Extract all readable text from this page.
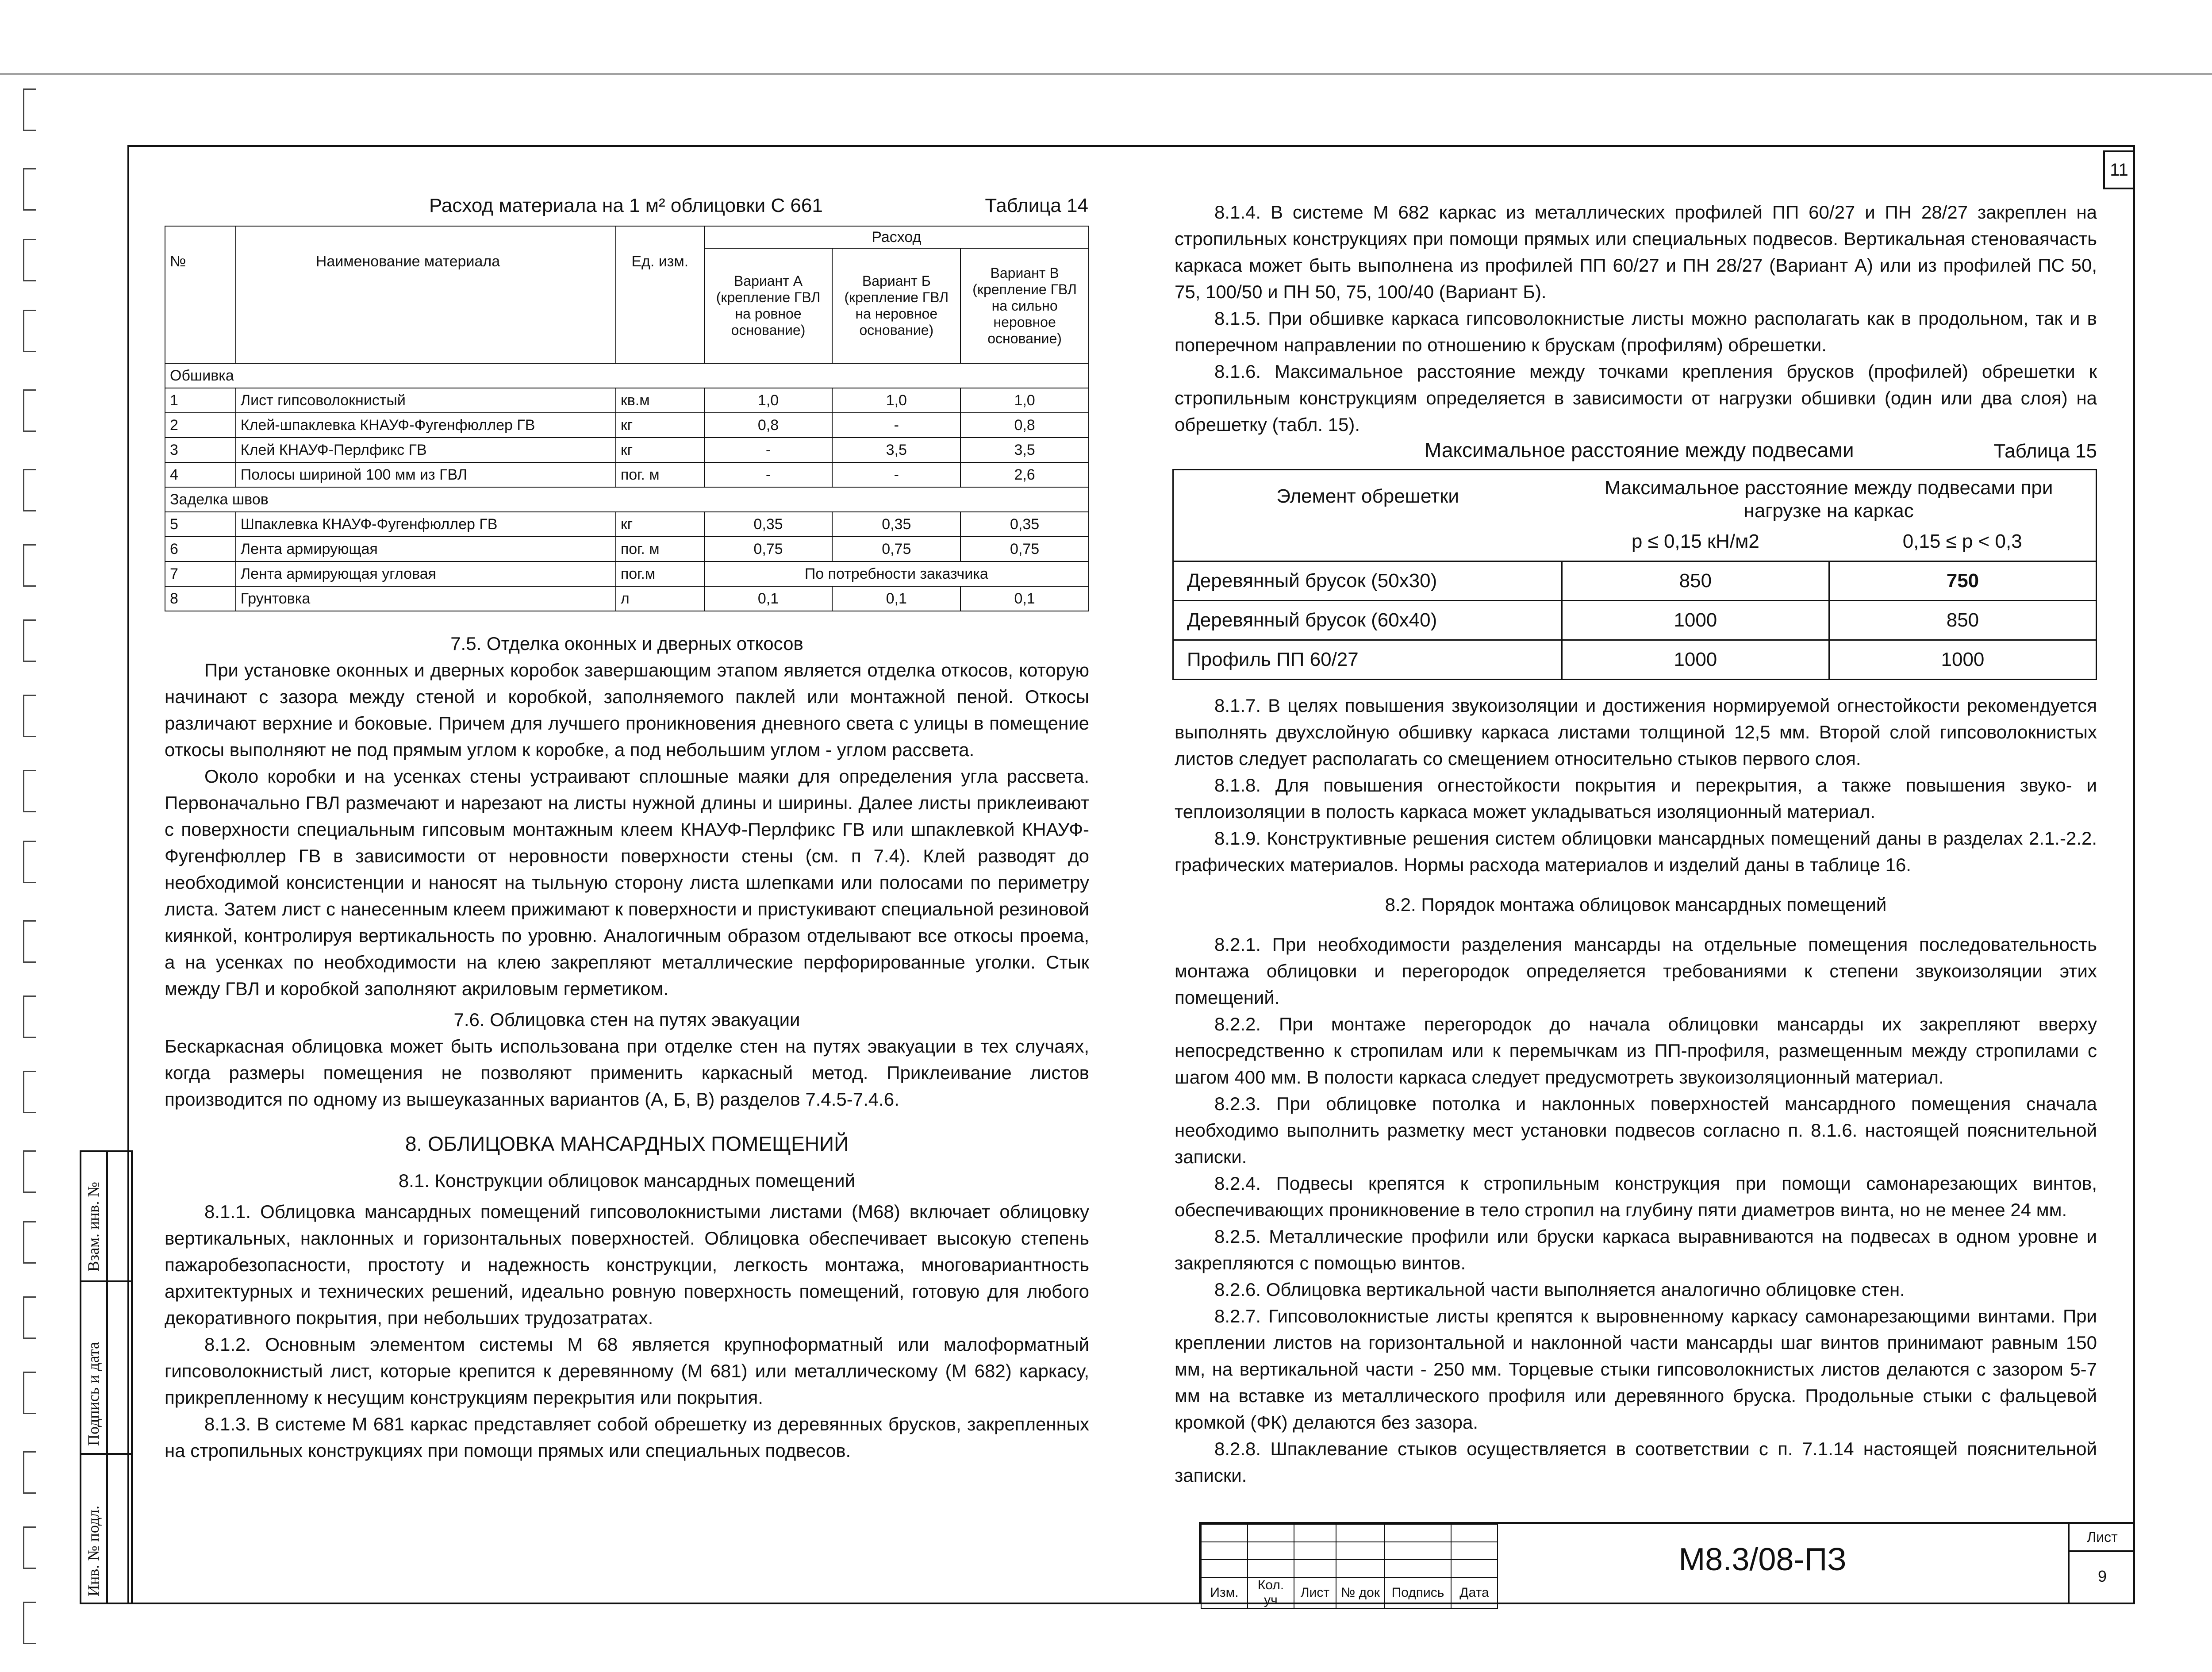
11
Взам. инв. №
Подпись и дата
Инв. № подл.
Расход материала на 1 м² облицовки С 661	Таблица 14
№	Наименование материала	Ед. изм.	Расход		
			Вариант А (крепление ГВЛ на ровное основание)	Вариант Б (крепление ГВЛ на неровное основание)	Вариант В (крепление ГВЛ на сильно неровное основание)
Обшивка					
1	Лист гипсоволокнистый	кв.м	1,0	1,0	1,0
2	Клей-шпаклевка КНАУФ-Фугенфюллер ГВ	кг	0,8	-	0,8
3	Клей КНАУФ-Перлфикс ГВ	кг	-	3,5	3,5
4	Полосы шириной 100 мм из ГВЛ	пог. м	-	-	2,6
Заделка швов					
5	Шпаклевка КНАУФ-Фугенфюллер ГВ	кг	0,35	0,35	0,35
6	Лента армирующая	пог. м	0,75	0,75	0,75
7	Лента армирующая угловая	пог.м	По потребности заказчика		
8	Грунтовка	л	0,1	0,1	0,1
7.5. Отделка оконных и дверных откосов

При установке оконных и дверных коробок завершающим этапом является отделка откосов, которую начинают с зазора между стеной и коробкой, заполняемого паклей или монтажной пеной. Откосы различают верхние и боковые. Причем для лучшего проникновения дневного света с улицы в помещение откосы выполняют не под прямым углом к коробке, а под небольшим углом - углом рассвета.

Около коробки и на усенках стены устраивают сплошные маяки для определения угла рассвета. Первоначально ГВЛ размечают и нарезают на листы нужной длины и ширины. Далее листы приклеивают с поверхности специальным гипсовым монтажным клеем КНАУФ-Перлфикс ГВ или шпаклевкой КНАУФ-Фугенфюллер ГВ в зависимости от неровности поверхности стены (см. п 7.4). Клей разводят до необходимой консистенции и наносят на тыльную сторону листа шлепками или полосами по периметру листа. Затем лист с нанесенным клеем прижимают к поверхности и пристукивают специальной резиновой киянкой, контролируя вертикальность по уровню. Аналогичным образом отделывают все откосы проема, а на усенках по необходимости на клею закрепляют металлические перфорированные уголки. Стык между ГВЛ и коробкой заполняют акриловым герметиком.

7.6. Облицовка стен на путях эвакуации

Бескаркасная облицовка может быть использована при отделке стен на путях эвакуации в тех случаях, когда размеры помещения не позволяют применить каркасный метод. Приклеивание листов производится по одному из вышеуказанных вариантов (А, Б, В) разделов 7.4.5-7.4.6.

8. ОБЛИЦОВКА МАНСАРДНЫХ ПОМЕЩЕНИЙ
8.1. Конструкции облицовок мансардных помещений

8.1.1. Облицовка мансардных помещений гипсоволокнистыми листами (М68) включает облицовку вертикальных, наклонных и горизонтальных поверхностей. Облицовка обеспечивает высокую степень пажаробезопасности, простоту и надежность конструкции, легкость монтажа, многовариантность архитектурных и технических решений, идеально ровную поверхность помещений, готовую для любого декоративного покрытия, при небольших трудозатратах.

8.1.2. Основным элементом системы М 68 является крупноформатный или малоформатный гипсоволокнистый лист, которые крепится к деревянному (М 681) или металлическому (М 682) каркасу, прикрепленному к несущим конструкциям перекрытия или покрытия.

8.1.3. В системе М 681 каркас представляет собой обрешетку из деревянных брусков, закрепленных на стропильных конструкциях при помощи прямых или специальных подвесов.

8.1.4. В системе М 682 каркас из металлических профилей ПП 60/27 и ПН 28/27 закреплен на стропильных конструкциях при помощи прямых или специальных подвесов. Вертикальная стеноваячасть каркаса может быть выполнена из профилей ПП 60/27 и ПН 28/27 (Вариант А) или из профилей ПС 50, 75, 100/50 и ПН 50, 75, 100/40 (Вариант Б).

8.1.5. При обшивке каркаса гипсоволокнистые листы можно располагать как в продольном, так и в поперечном направлении по отношению к брускам (профилям) обрешетки.

8.1.6. Максимальное расстояние между точками крепления брусков (профилей) обрешетки к стропильным конструкциям определяется в зависимости от нагрузки обшивки (один или два слоя) на обрешетку (табл. 15).

Максимальное расстояние между подвесами	Таблица 15
Элемент обрешетки	Максимальное расстояние между подвесами при нагрузке на каркас	
	p ≤ 0,15 кН/м2	0,15 ≤ p < 0,3
Деревянный брусок (50х30)	850	750
Деревянный брусок (60х40)	1000	850
Профиль ПП 60/27	1000	1000

8.1.7. В целях повышения звукоизоляции и достижения нормируемой огнестойкости рекомендуется выполнять двухслойную обшивку каркаса листами толщиной 12,5 мм. Второй слой гипсоволокнистых листов следует располагать со смещением относительно стыков первого слоя.

8.1.8. Для повышения огнестойкости покрытия и перекрытия, а также повышения звуко- и теплоизоляции в полость каркаса может укладываться изоляционный материал.

8.1.9. Конструктивные решения систем облицовки мансардных помещений даны в разделах 2.1.-2.2. графических материалов. Нормы расхода материалов и изделий даны в таблице 16.

8.2. Порядок монтажа облицовок мансардных помещений

8.2.1. При необходимости разделения мансарды на отдельные помещения последовательность монтажа облицовки и перегородок определяется требованиями к степени звукоизоляции этих помещений.

8.2.2. При монтаже перегородок до начала облицовки мансарды их закрепляют вверху непосредственно к стропилам или к перемычкам из ПП-профиля, размещенным между стропилами с шагом 400 мм. В полости каркаса следует предусмотреть звукоизоляционный материал.

8.2.3. При облицовке потолка и наклонных поверхностей мансардного помещения сначала необходимо выполнить разметку мест установки подвесов согласно п. 8.1.6. настоящей пояснительной записки.

8.2.4. Подвесы крепятся к стропильным конструкция при помощи самонарезающих винтов, обеспечивающих проникновение в тело стропил на глубину пяти диаметров винта, но не менее 24 мм.

8.2.5. Металлические профили или бруски каркаса выравниваются на подвесах в одном уровне и закрепляются с помощью винтов.

8.2.6. Облицовка вертикальной части выполняется аналогично облицовке стен.

8.2.7. Гипсоволокнистые листы крепятся к выровненному каркасу самонарезающими винтами. При креплении листов на горизонтальной и наклонной части мансарды шаг винтов принимают равным 150 мм, на вертикальной части - 250 мм. Торцевые стыки гипсоволокнистых листов делаются с зазором 5-7 мм на вставке из металлического профиля или деревянного бруска. Продольные стыки с фальцевой кромкой (ФК) делаются без зазора.

8.2.8. Шпаклевание стыков осуществляется в соответствии с п. 7.1.14 настоящей пояснительной записки.

Изм.	Кол. уч	Лист	№ док	Подпись	Дата
М8.3/08-ПЗ
Лист
9
